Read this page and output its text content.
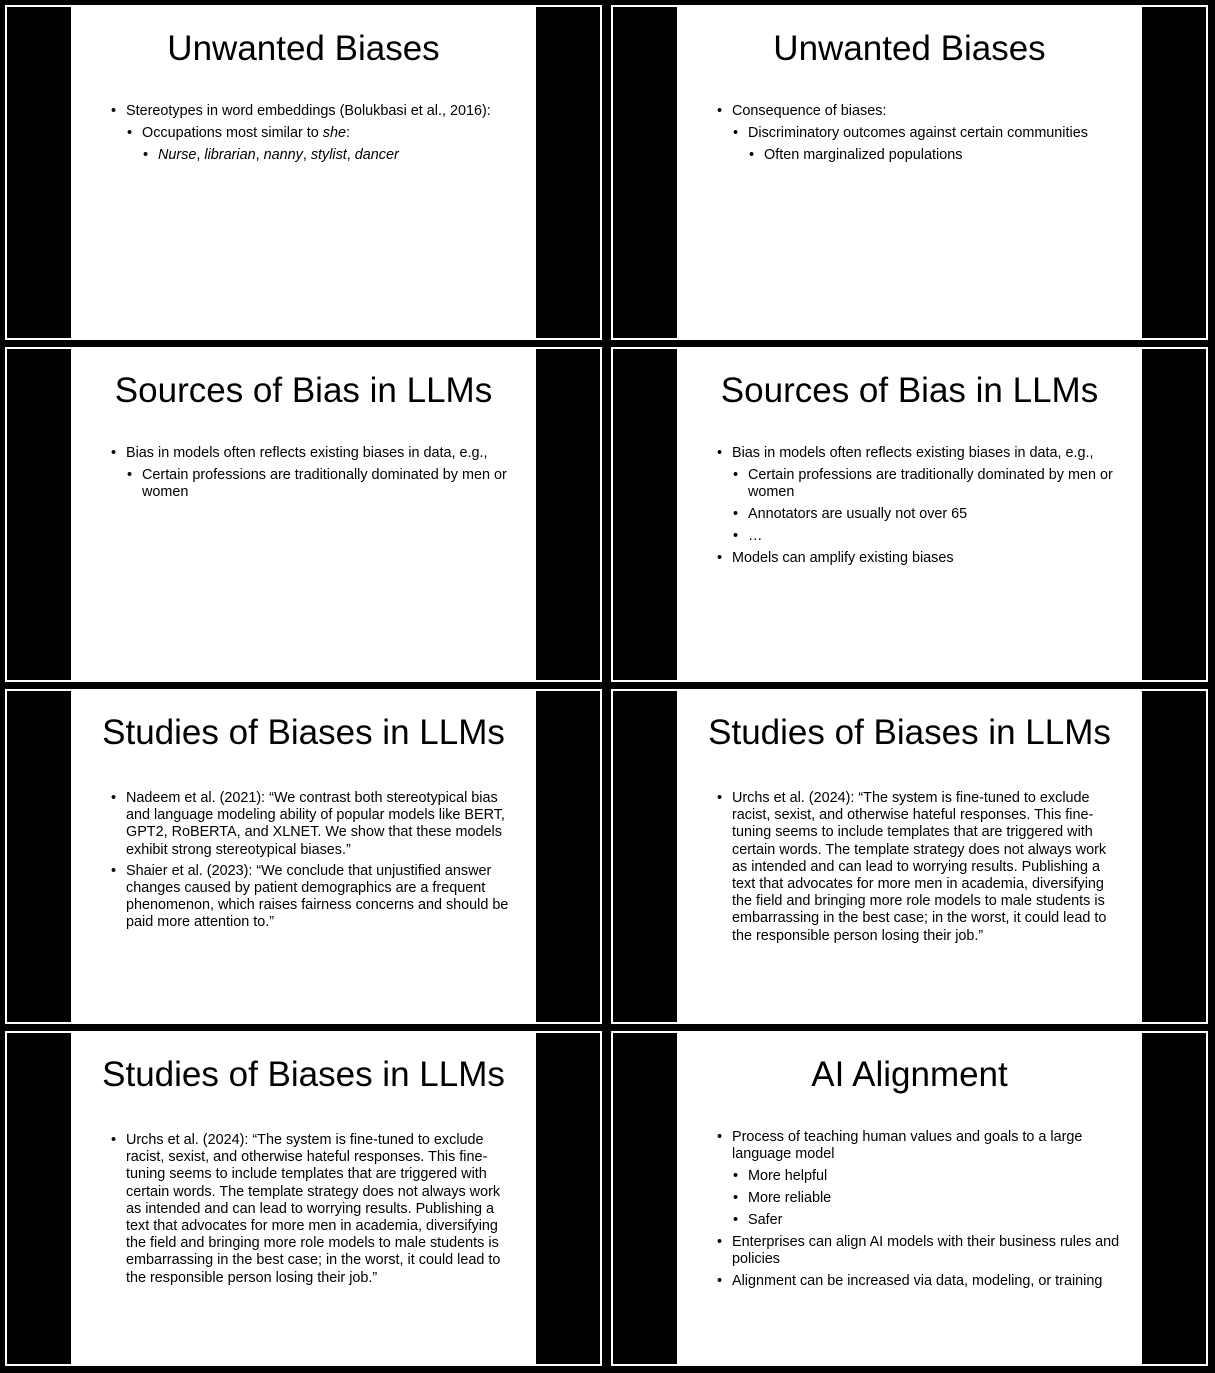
Unwanted Biases
• Stereotypes in word embeddings (Bolukbasi et al., 2016):
• Occupations most similar to she:
• Nurse, librarian, nanny, stylist, dancer
Unwanted Biases
• Consequence of biases:
• Discriminatory outcomes against certain communities
• Often marginalized populations
Sources of Bias in LLMs
• Bias in models often reflects existing biases in data, e.g.,
• Certain professions are traditionally dominated by men or women
Sources of Bias in LLMs
• Bias in models often reflects existing biases in data, e.g.,
• Certain professions are traditionally dominated by men or women
• Annotators are usually not over 65
• …
• Models can amplify existing biases
Studies of Biases in LLMs
• Nadeem et al. (2021): “We contrast both stereotypical bias and language modeling ability of popular models like BERT, GPT2, RoBERTA, and XLNET. We show that these models exhibit strong stereotypical biases.”
• Shaier et al. (2023): “We conclude that unjustified answer changes caused by patient demographics are a frequent phenomenon, which raises fairness concerns and should be paid more attention to.”
Studies of Biases in LLMs
• Urchs et al. (2024): “The system is fine-tuned to exclude racist, sexist, and otherwise hateful responses. This fine-tuning seems to include templates that are triggered with certain words. The template strategy does not always work as intended and can lead to worrying results. Publishing a text that advocates for more men in academia, diversifying the field and bringing more role models to male students is embarrassing in the best case; in the worst, it could lead to the responsible person losing their job.”
Studies of Biases in LLMs
• Urchs et al. (2024): “The system is fine-tuned to exclude racist, sexist, and otherwise hateful responses. This fine-tuning seems to include templates that are triggered with certain words. The template strategy does not always work as intended and can lead to worrying results. Publishing a text that advocates for more men in academia, diversifying the field and bringing more role models to male students is embarrassing in the best case; in the worst, it could lead to the responsible person losing their job.”
AI Alignment
• Process of teaching human values and goals to a large language model
• More helpful
• More reliable
• Safer
• Enterprises can align AI models with their business rules and policies
• Alignment can be increased via data, modeling, or training
